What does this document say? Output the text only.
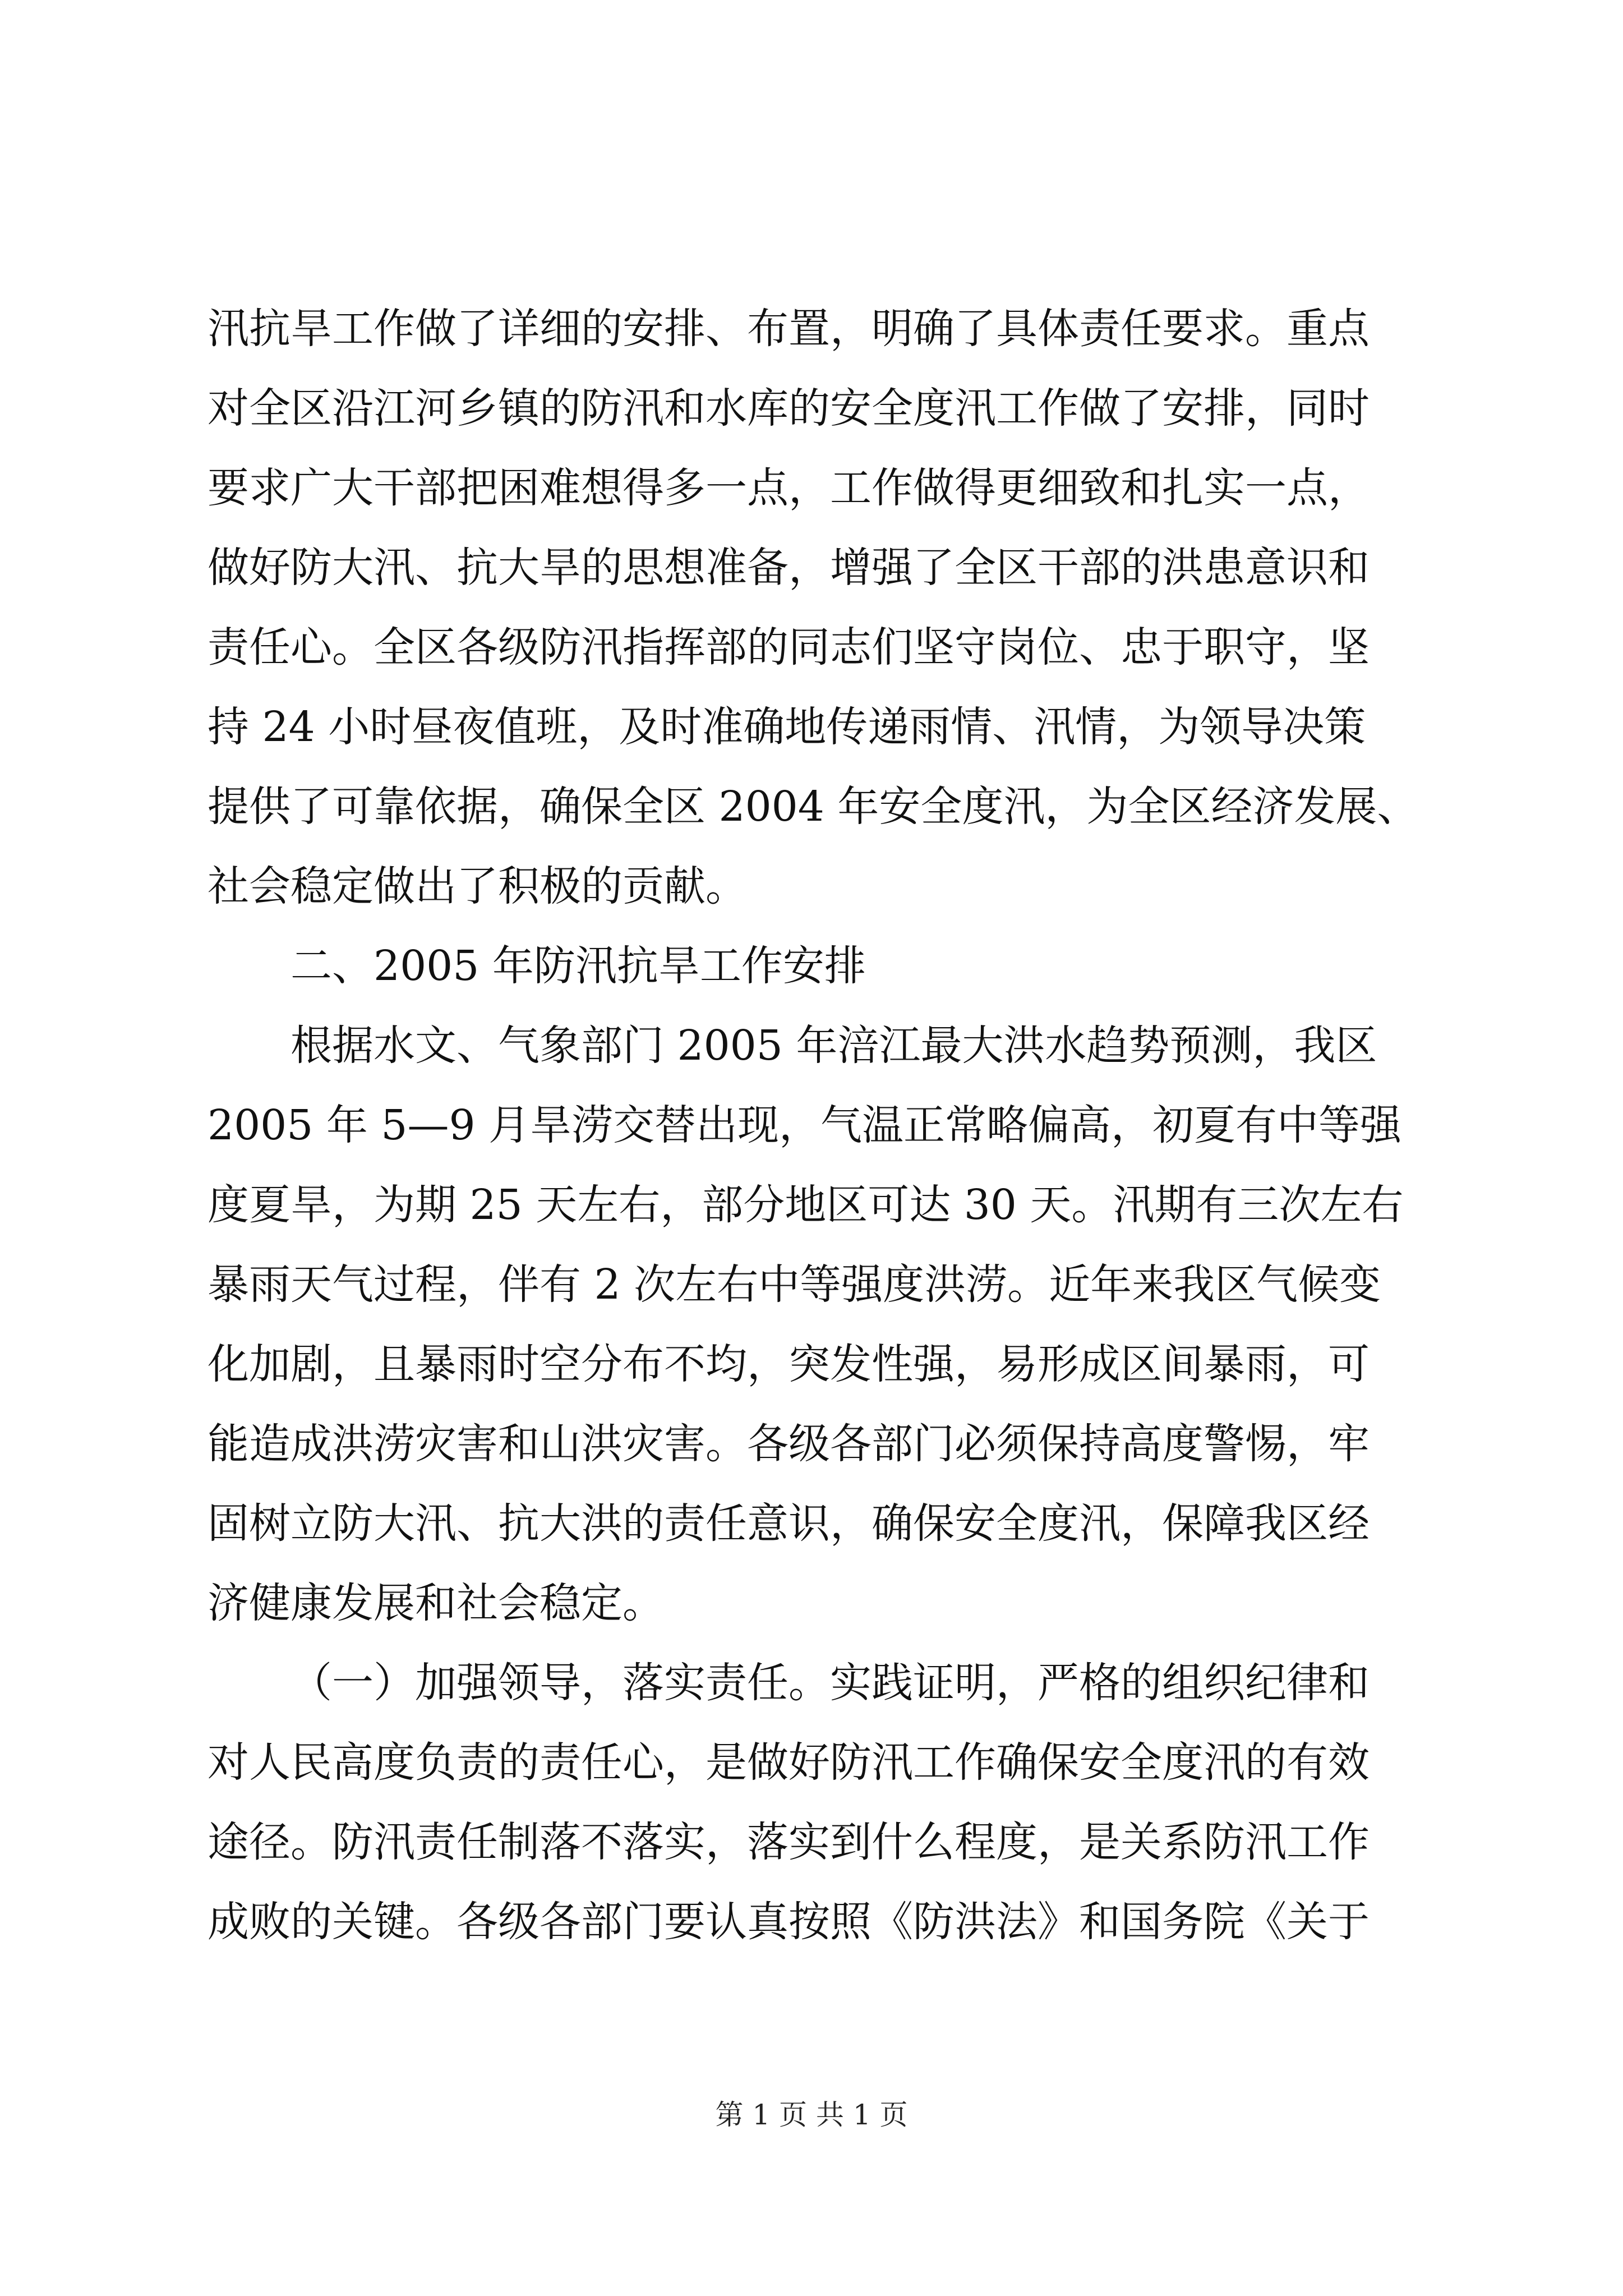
汛抗旱工作做了详细的安排、布置，明确了具体责任要求。重点
对全区沿江河乡镇的防汛和水库的安全度汛工作做了安排，同时
要求广大干部把困难想得多一点，工作做得更细致和扎实一点，
做好防大汛、抗大旱的思想准备，增强了全区干部的洪患意识和
责任心。全区各级防汛指挥部的同志们坚守岗位、忠于职守，坚
持 24 小时昼夜值班，及时准确地传递雨情、汛情，为领导决策
提供了可靠依据，确保全区 2004 年安全度汛，为全区经济发展、
社会稳定做出了积极的贡献。
二、2005 年防汛抗旱工作安排
根据水文、气象部门 2005 年涪江最大洪水趋势预测，我区
2005 年 5—9 月旱涝交替出现，气温正常略偏高，初夏有中等强
度夏旱，为期 25 天左右，部分地区可达 30 天。汛期有三次左右
暴雨天气过程，伴有 2 次左右中等强度洪涝。近年来我区气候变
化加剧，且暴雨时空分布不均，突发性强，易形成区间暴雨，可
能造成洪涝灾害和山洪灾害。各级各部门必须保持高度警惕，牢
固树立防大汛、抗大洪的责任意识，确保安全度汛，保障我区经
济健康发展和社会稳定。
（一）加强领导，落实责任。实践证明，严格的组织纪律和
对人民高度负责的责任心，是做好防汛工作确保安全度汛的有效
途径。防汛责任制落不落实，落实到什么程度，是关系防汛工作
成败的关键。各级各部门要认真按照《防洪法》和国务院《关于
第 1 页 共 1 页
